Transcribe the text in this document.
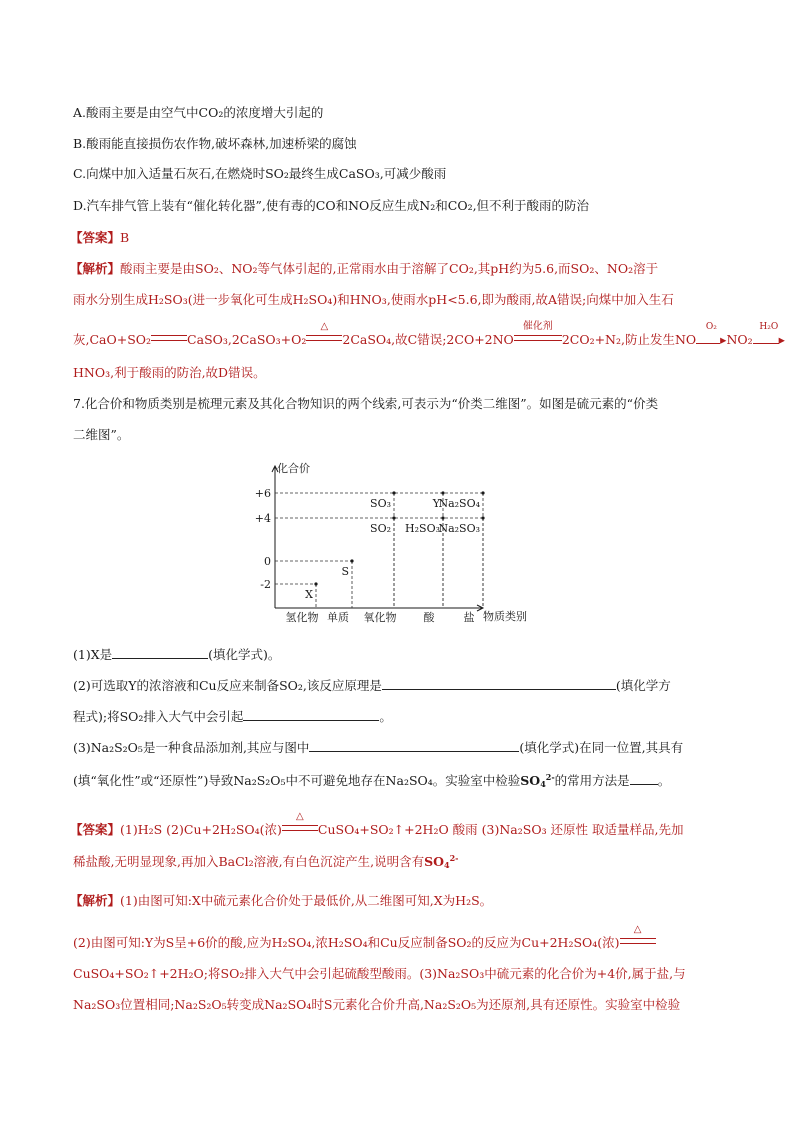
A.酸雨主要是由空气中CO₂的浓度增大引起的
B.酸雨能直接损伤农作物,破坏森林,加速桥梁的腐蚀
C.向煤中加入适量石灰石,在燃烧时SO₂最终生成CaSO₃,可减少酸雨
D.汽车排气管上装有“催化转化器”,使有毒的CO和NO反应生成N₂和CO₂,但不利于酸雨的防治
【答案】B
【解析】酸雨主要是由SO₂、NO₂等气体引起的,正常雨水由于溶解了CO₂,其pH约为5.6,而SO₂、NO₂溶于
雨水分别生成H₂SO₃(进一步氧化可生成H₂SO₄)和HNO₃,使雨水pH<5.6,即为酸雨,故A错误;向煤中加入生石
灰,CaO+SO₂	CaSO₃,2CaSO₃+O₂
△
2CaSO₄,故C错误;2CO+2NO
催化剂
2CO₂+N₂,防止发生NO
O₂
▸NO₂
H₂O
▸
HNO₃,利于酸雨的防治,故D错误。
7.化合价和物质类别是梳理元素及其化合物知识的两个线索,可表示为“价类二维图”。如图是硫元素的“价类
二维图”。
+6
+4
0
-2
氢化物 单质 氧化物 酸	盐
X
S
SO₃
SO₂
Y
H₂SO₃
Na₂SO₄
Na₂SO₃
化合价
物质类别
(1)X是	(填化学式)。
(2)可选取Y的浓溶液和Cu反应来制备SO₂,该反应原理是	(填化学方
程式);将SO₂排入大气中会引起	。
(3)Na₂S₂O₅是一种食品添加剂,其应与图中	(填化学式)在同一位置,其具有
(填“氧化性”或“还原性”)导致Na₂S₂O₅中不可避免地存在Na₂SO₄。实验室中检验$SO_4^{2-}$的常用方法是 。
【答案】(1)H₂S (2)Cu+2H₂SO₄(浓)
△
CuSO₄+SO₂↑+2H₂O 酸雨 (3)Na₂SO₃ 还原性 取适量样品,先加
稀盐酸,无明显现象,再加入BaCl₂溶液,有白色沉淀产生,说明含有$SO_4^{2-}$
【解析】(1)由图可知:X中硫元素化合价处于最低价,从二维图可知,X为H₂S。
(2)由图可知:Y为S呈+6价的酸,应为H₂SO₄,浓H₂SO₄和Cu反应制备SO₂的反应为Cu+2H₂SO₄(浓)
△
CuSO₄+SO₂↑+2H₂O;将SO₂排入大气中会引起硫酸型酸雨。(3)Na₂SO₃中硫元素的化合价为+4价,属于盐,与
Na₂SO₃位置相同;Na₂S₂O₅转变成Na₂SO₄时S元素化合价升高,Na₂S₂O₅为还原剂,具有还原性。实验室中检验
